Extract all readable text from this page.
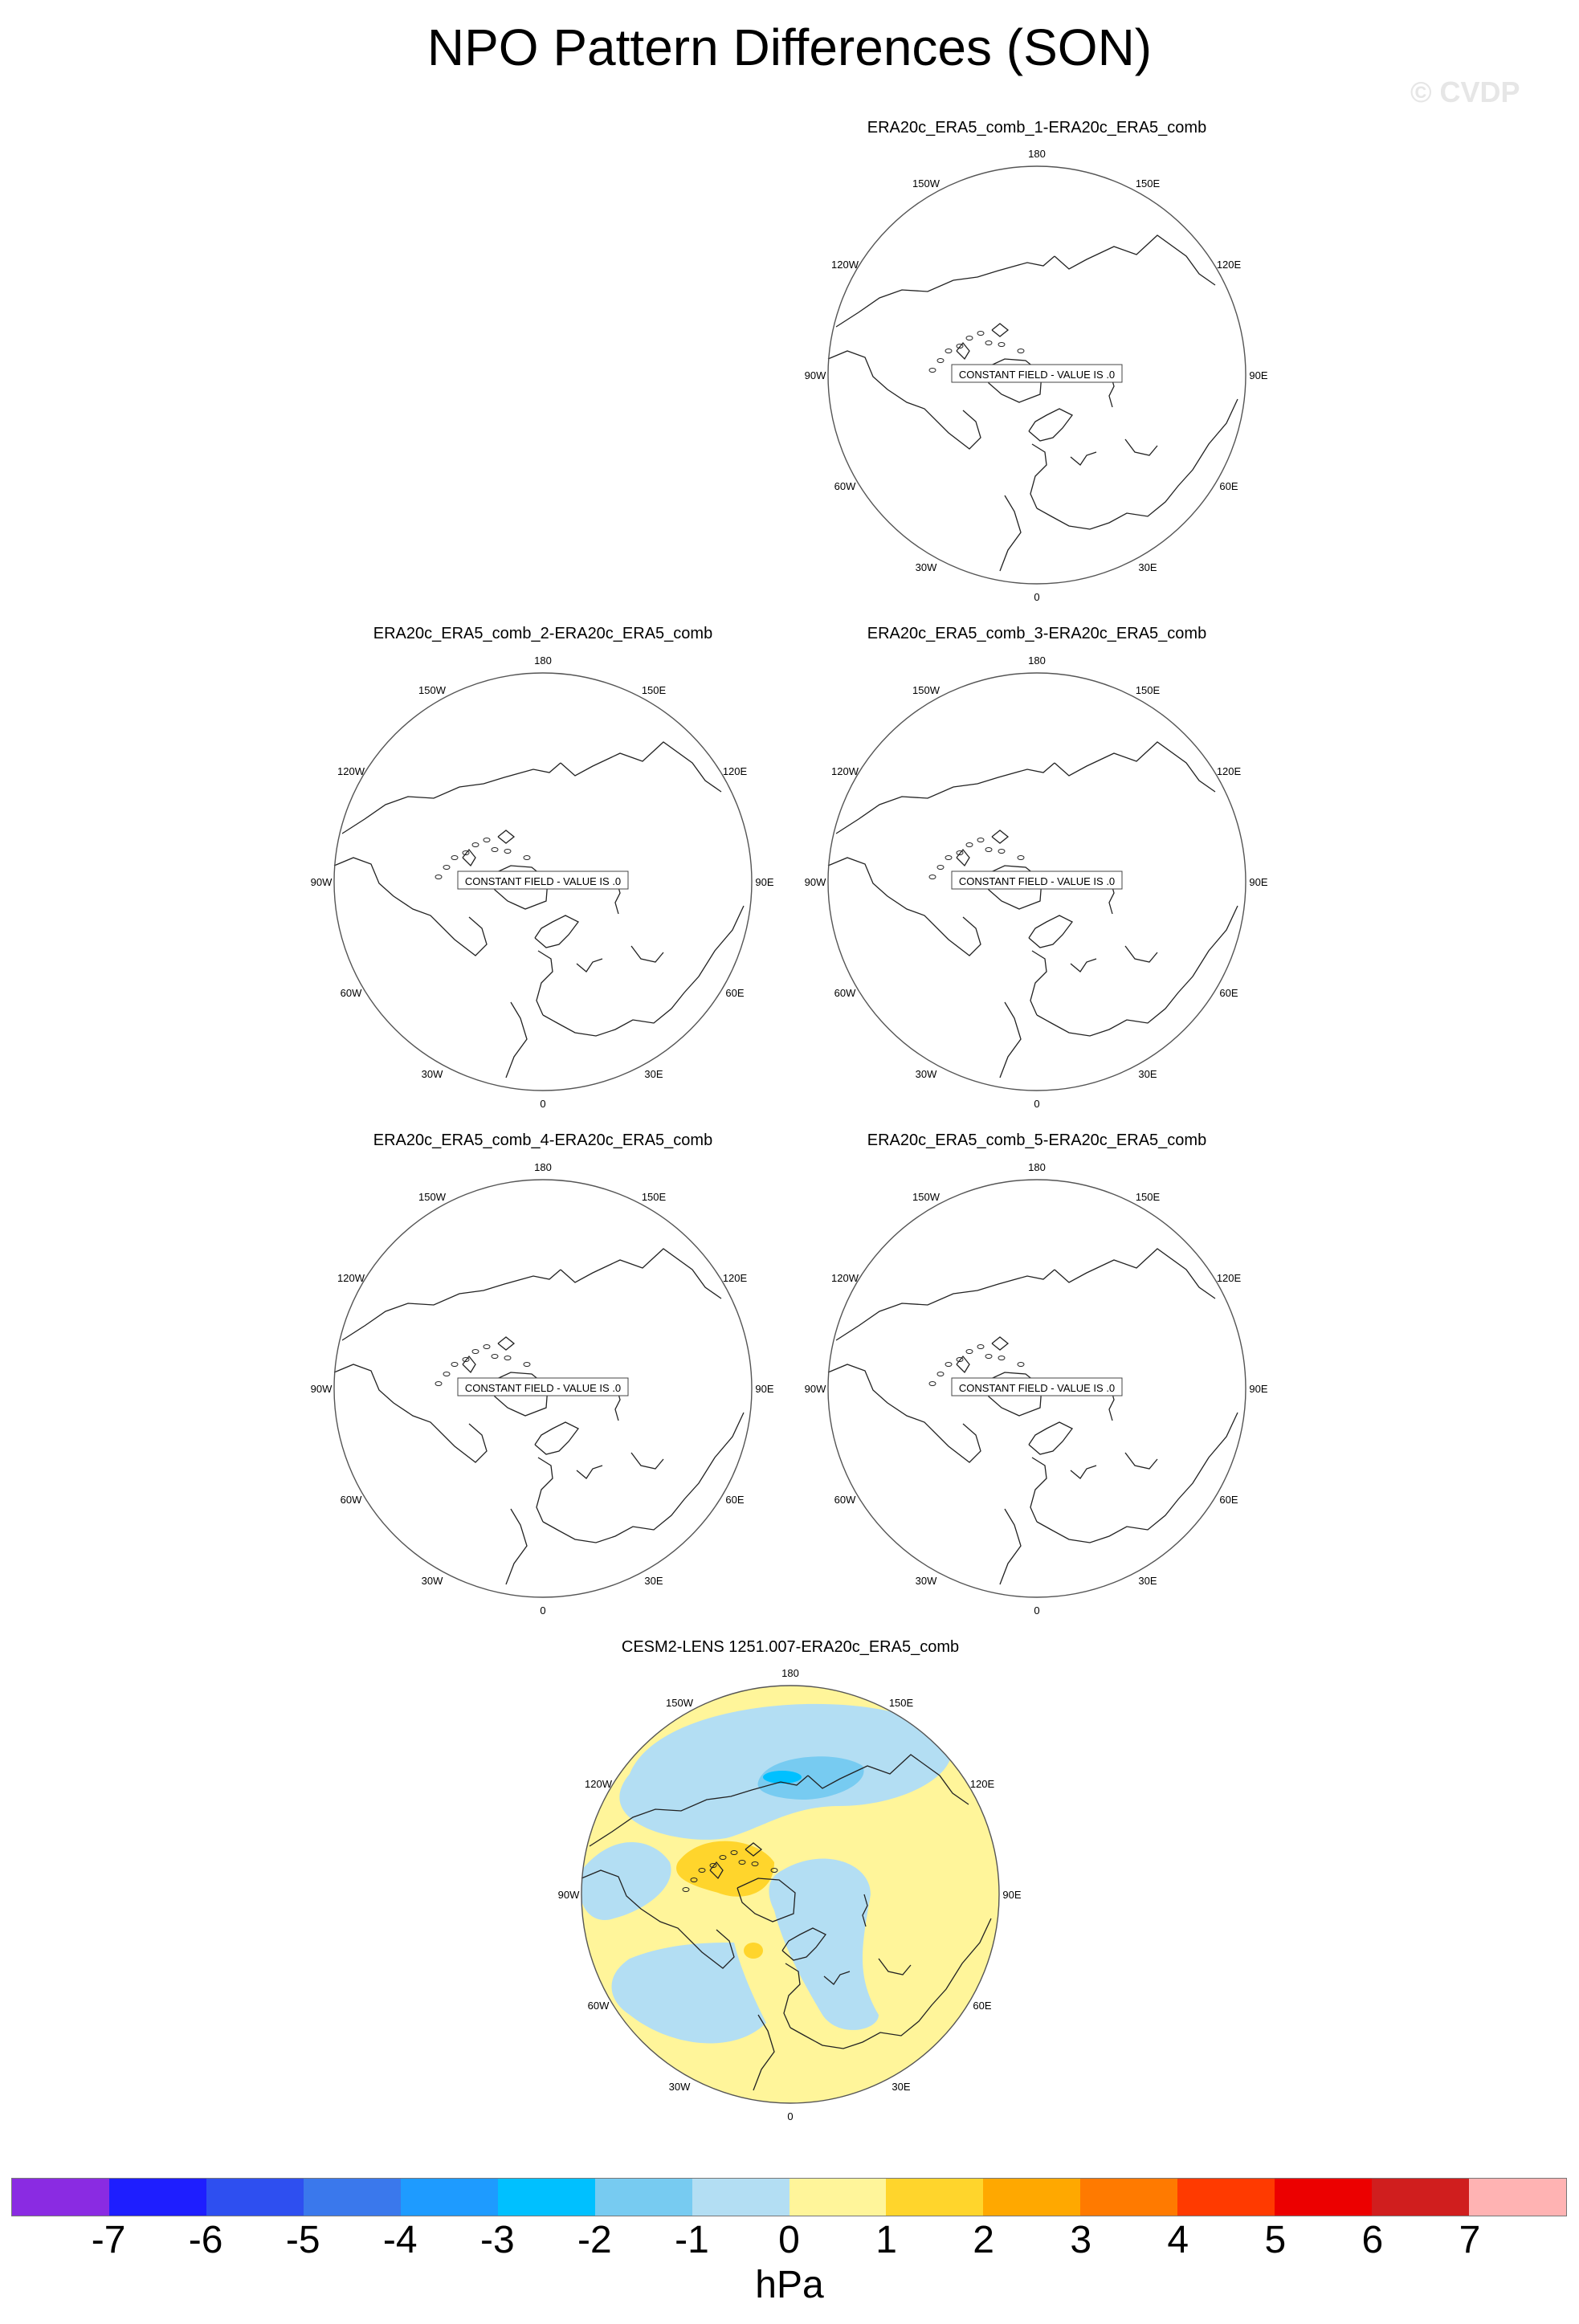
NPO Pattern Differences (SON)
© CVDP
ERA20c_ERA5_comb_1-ERA20c_ERA5_comb
ERA20c_ERA5_comb_2-ERA20c_ERA5_comb	ERA20c_ERA5_comb_3-ERA20c_ERA5_comb
ERA20c_ERA5_comb_4-ERA20c_ERA5_comb	ERA20c_ERA5_comb_5-ERA20c_ERA5_comb
CESM2-LENS 1251.007-ERA20c_ERA5_comb
180
150E
120E
90E
60E
30E
0
30W
60W
90W
120W
150W
CONSTANT FIELD - VALUE IS .0
180
150E
120E
90E
60E
30E
0
30W
60W
90W
120W
150W
CONSTANT FIELD - VALUE IS .0
180
150E
120E
90E
60E
30E
0
30W
60W
90W
120W
150W
CONSTANT FIELD - VALUE IS .0
180
150E
120E
90E
60E
30E
0
30W
60W
90W
120W
150W
CONSTANT FIELD - VALUE IS .0
180
150E
120E
90E
60E
30E
0
30W
60W
90W
120W
150W
CONSTANT FIELD - VALUE IS .0
180
150E
120E
90E
60E
30E
0
30W
60W
90W
120W
150W
-7	-6	-5	-4	-3	-2	-1	0	1	2	3	4	5	6	7
hPa
